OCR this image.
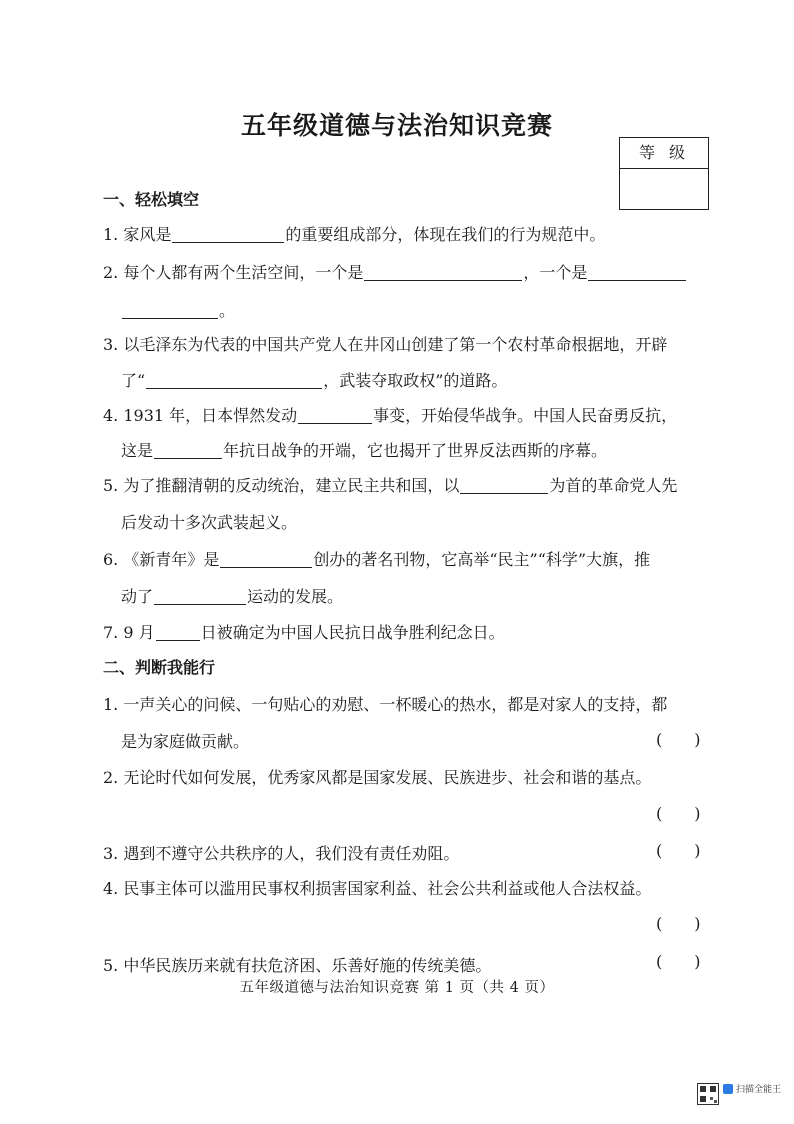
五年级道德与法治知识竞赛
等级
一、轻松填空
1. 家风是	的重要组成部分，体现在我们的行为规范中。
2. 每个人都有两个生活空间，一个是	，一个是
。
3. 以毛泽东为代表的中国共产党人在井冈山创建了第一个农村革命根据地，开辟
了“	，武装夺取政权”的道路。
4. 1931 年，日本悍然发动	事变，开始侵华战争。中国人民奋勇反抗，
这是	年抗日战争的开端，它也揭开了世界反法西斯的序幕。
5. 为了推翻清朝的反动统治，建立民主共和国，以	为首的革命党人先
后发动十多次武装起义。
6. 《新青年》是	创办的著名刊物，它高举“民主”“科学”大旗，推
动了	运动的发展。
7. 9 月	日被确定为中国人民抗日战争胜利纪念日。
二、判断我能行
1. 一声关心的问候、一句贴心的劝慰、一杯暖心的热水，都是对家人的支持，都
是为家庭做贡献。	(　　)
2. 无论时代如何发展，优秀家风都是国家发展、民族进步、社会和谐的基点。
(　　)
3. 遇到不遵守公共秩序的人，我们没有责任劝阻。	(　　)
4. 民事主体可以滥用民事权利损害国家利益、社会公共利益或他人合法权益。
(　　)
5. 中华民族历来就有扶危济困、乐善好施的传统美德。	(　　)
五年级道德与法治知识竞赛 第 1 页（共 4 页）
扫描全能王
